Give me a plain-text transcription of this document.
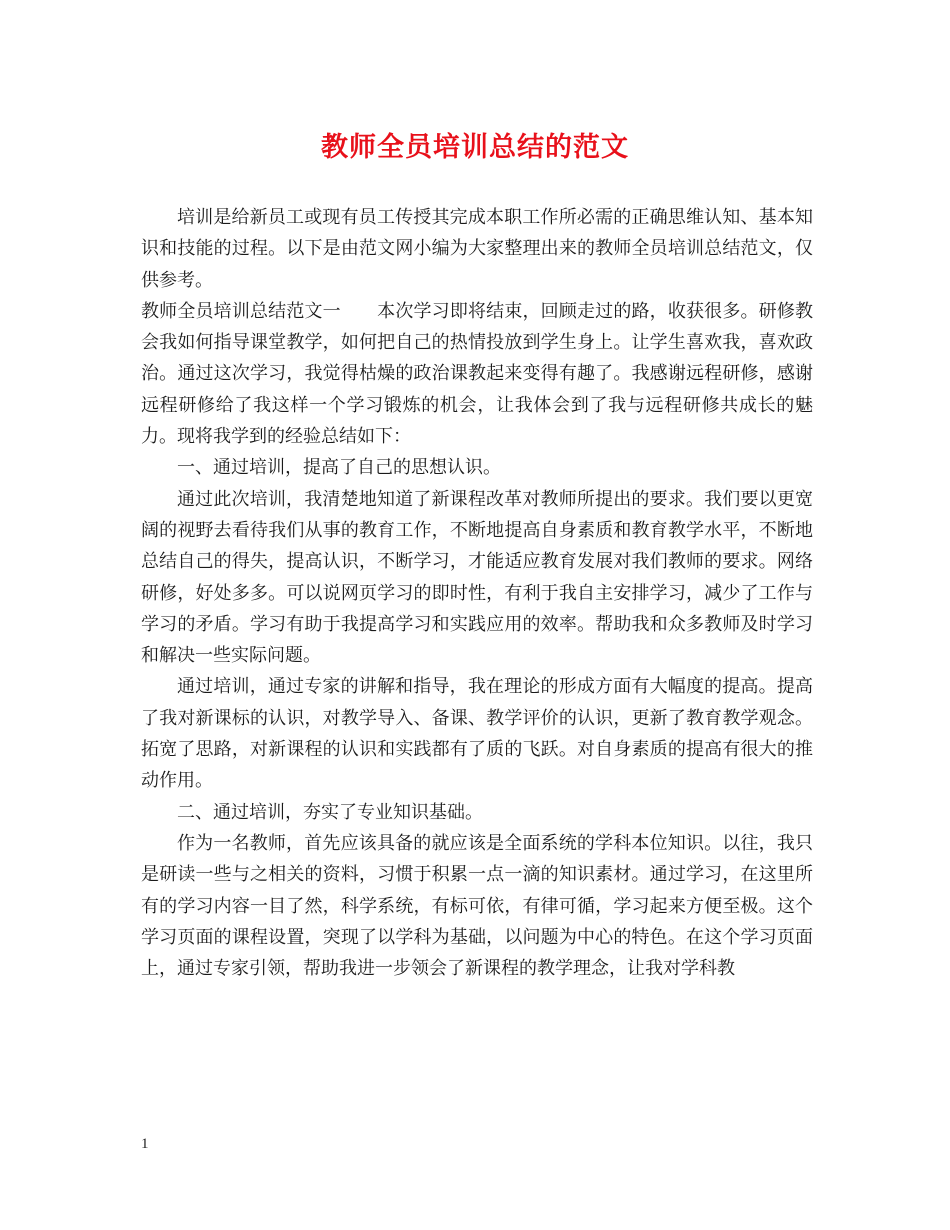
教师全员培训总结的范文

培训是给新员工或现有员工传授其完成本职工作所必需的正确思维认知、基本知识和技能的过程。以下是由范文网小编为大家整理出来的教师全员培训总结范文，仅供参考。

教师全员培训总结范文一　　本次学习即将结束，回顾走过的路，收获很多。研修教会我如何指导课堂教学，如何把自己的热情投放到学生身上。让学生喜欢我，喜欢政治。通过这次学习，我觉得枯燥的政治课教起来变得有趣了。我感谢远程研修，感谢远程研修给了我这样一个学习锻炼的机会，让我体会到了我与远程研修共成长的魅力。现将我学到的经验总结如下：

一、通过培训，提高了自己的思想认识。

通过此次培训，我清楚地知道了新课程改革对教师所提出的要求。我们要以更宽阔的视野去看待我们从事的教育工作，不断地提高自身素质和教育教学水平，不断地总结自己的得失，提高认识，不断学习，才能适应教育发展对我们教师的要求。网络研修，好处多多。可以说网页学习的即时性，有利于我自主安排学习，减少了工作与学习的矛盾。学习有助于我提高学习和实践应用的效率。帮助我和众多教师及时学习和解决一些实际问题。

通过培训，通过专家的讲解和指导，我在理论的形成方面有大幅度的提高。提高了我对新课标的认识，对教学导入、备课、教学评价的认识，更新了教育教学观念。拓宽了思路，对新课程的认识和实践都有了质的飞跃。对自身素质的提高有很大的推动作用。

二、通过培训，夯实了专业知识基础。

作为一名教师，首先应该具备的就应该是全面系统的学科本位知识。以往，我只是研读一些与之相关的资料，习惯于积累一点一滴的知识素材。通过学习，在这里所有的学习内容一目了然，科学系统，有标可依，有律可循，学习起来方便至极。这个学习页面的课程设置，突现了以学科为基础，以问题为中心的特色。在这个学习页面上，通过专家引领，帮助我进一步领会了新课程的教学理念，让我对学科教

1
